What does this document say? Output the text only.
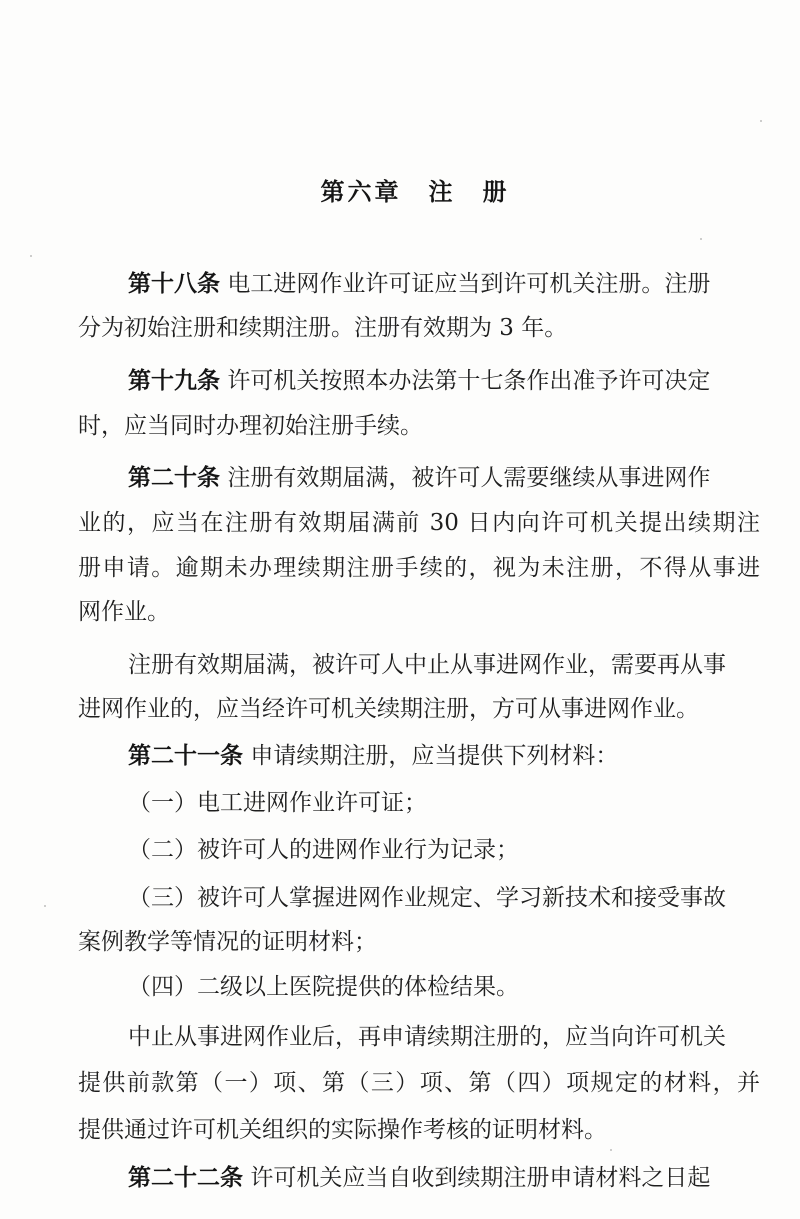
第六章　注　册
第十八条 电工进网作业许可证应当到许可机关注册。注册
分为初始注册和续期注册。注册有效期为 3 年。
第十九条 许可机关按照本办法第十七条作出准予许可决定
时，应当同时办理初始注册手续。
第二十条 注册有效期届满，被许可人需要继续从事进网作
业的，应当在注册有效期届满前 30 日内向许可机关提出续期注
册申请。逾期未办理续期注册手续的，视为未注册，不得从事进
网作业。
注册有效期届满，被许可人中止从事进网作业，需要再从事
进网作业的，应当经许可机关续期注册，方可从事进网作业。
第二十一条 申请续期注册，应当提供下列材料：
（一）电工进网作业许可证；
（二）被许可人的进网作业行为记录；
（三）被许可人掌握进网作业规定、学习新技术和接受事故
案例教学等情况的证明材料；
（四）二级以上医院提供的体检结果。
中止从事进网作业后，再申请续期注册的，应当向许可机关
提供前款第（一）项、第（三）项、第（四）项规定的材料，并
提供通过许可机关组织的实际操作考核的证明材料。
第二十二条 许可机关应当自收到续期注册申请材料之日起
